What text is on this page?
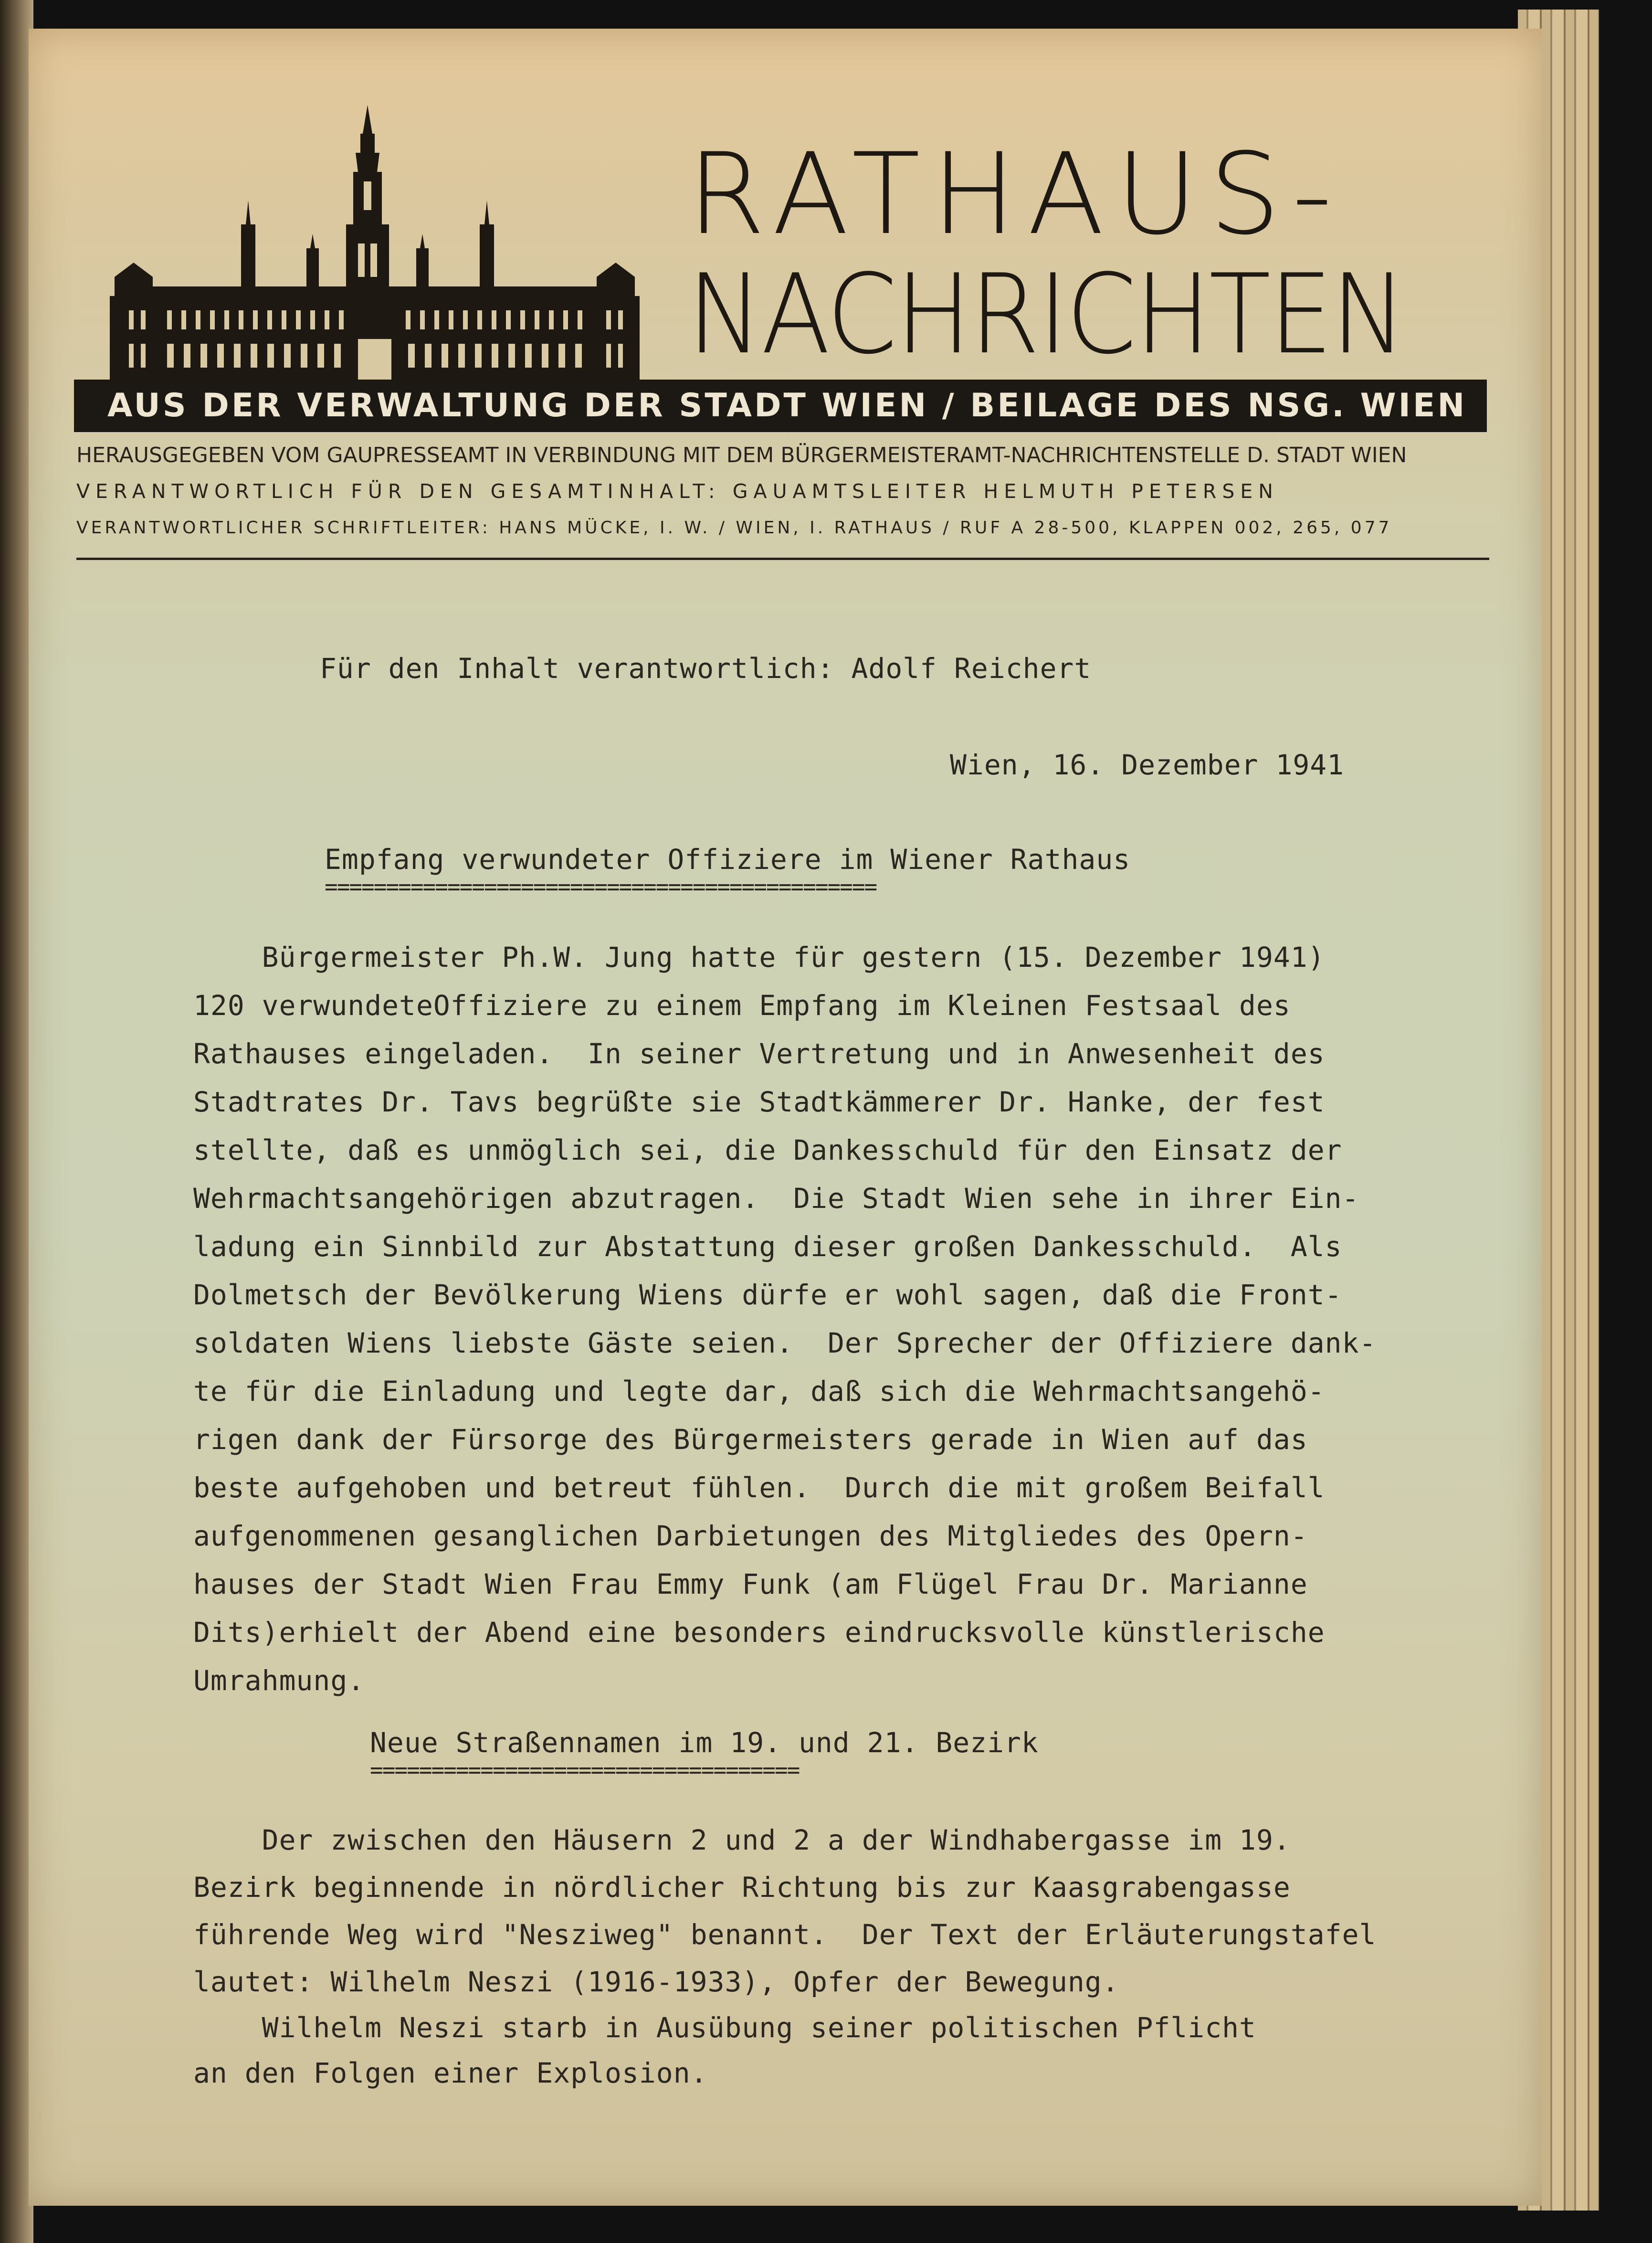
RATHAUS-
NACHRICHTEN
AUS DER VERWALTUNG DER STADT WIEN / BEILAGE DES NSG. WIEN
HERAUSGEGEBEN VOM GAUPRESSEAMT IN VERBINDUNG MIT DEM BÜRGERMEISTERAMT-NACHRICHTENSTELLE D. STADT WIEN
VERANTWORTLICH FÜR DEN GESAMTINHALT: GAUAMTSLEITER HELMUTH PETERSEN
VERANTWORTLICHER SCHRIFTLEITER: HANS MÜCKE, I. W. / WIEN, I. RATHAUS / RUF A 28-500, KLAPPEN 002, 265, 077
Für den Inhalt verantwortlich: Adolf Reichert
Wien, 16. Dezember 1941
Empfang verwundeter Offiziere im Wiener Rathaus
=============================================
Bürgermeister Ph.W. Jung hatte für gestern (15. Dezember 1941)
120 verwundeteOffiziere zu einem Empfang im Kleinen Festsaal des
Rathauses eingeladen.  In seiner Vertretung und in Anwesenheit des
Stadtrates Dr. Tavs begrüßte sie Stadtkämmerer Dr. Hanke, der fest
stellte, daß es unmöglich sei, die Dankesschuld für den Einsatz der
Wehrmachtsangehörigen abzutragen.  Die Stadt Wien sehe in ihrer Ein-
ladung ein Sinnbild zur Abstattung dieser großen Dankesschuld.  Als
Dolmetsch der Bevölkerung Wiens dürfe er wohl sagen, daß die Front-
soldaten Wiens liebste Gäste seien.  Der Sprecher der Offiziere dank-
te für die Einladung und legte dar, daß sich die Wehrmachtsangehö-
rigen dank der Fürsorge des Bürgermeisters gerade in Wien auf das
beste aufgehoben und betreut fühlen.  Durch die mit großem Beifall
aufgenommenen gesanglichen Darbietungen des Mitgliedes des Opern-
hauses der Stadt Wien Frau Emmy Funk (am Flügel Frau Dr. Marianne
Dits)erhielt der Abend eine besonders eindrucksvolle künstlerische
Umrahmung.
Neue Straßennamen im 19. und 21. Bezirk
===================================
Der zwischen den Häusern 2 und 2 a der Windhabergasse im 19.
Bezirk beginnende in nördlicher Richtung bis zur Kaasgrabengasse
führende Weg wird "Nesziweg" benannt.  Der Text der Erläuterungstafel
lautet: Wilhelm Neszi (1916-1933), Opfer der Bewegung.
Wilhelm Neszi starb in Ausübung seiner politischen Pflicht
an den Folgen einer Explosion.
